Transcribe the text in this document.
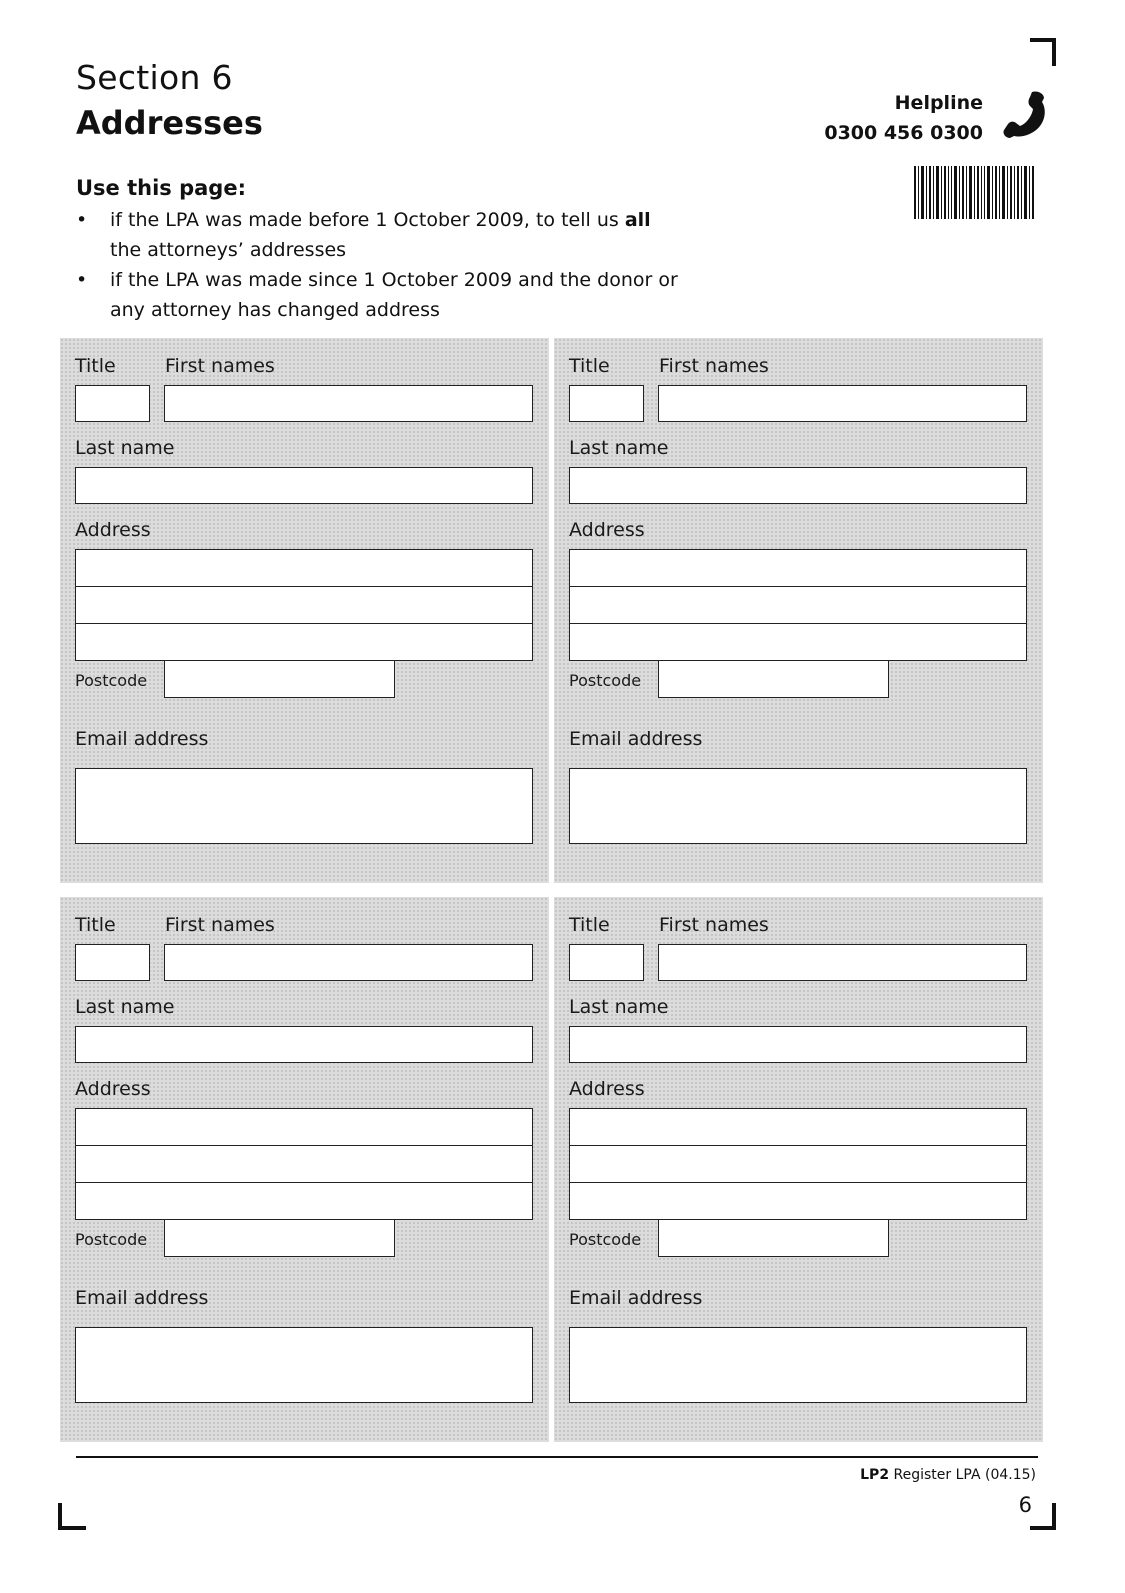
Section 6
Addresses
Helpline
0300 456 0300
Use this page:
• if the LPA was made before 1 October 2009, to tell us all the attorneys’ addresses
• if the LPA was made since 1 October 2009 and the donor or any attorney has changed address
Title	First names
Last name
Address
Postcode
Email address
Title	First names
Last name
Address
Postcode
Email address
Title	First names
Last name
Address
Postcode
Email address
Title	First names
Last name
Address
Postcode
Email address
LP2 Register LPA (04.15)
6
